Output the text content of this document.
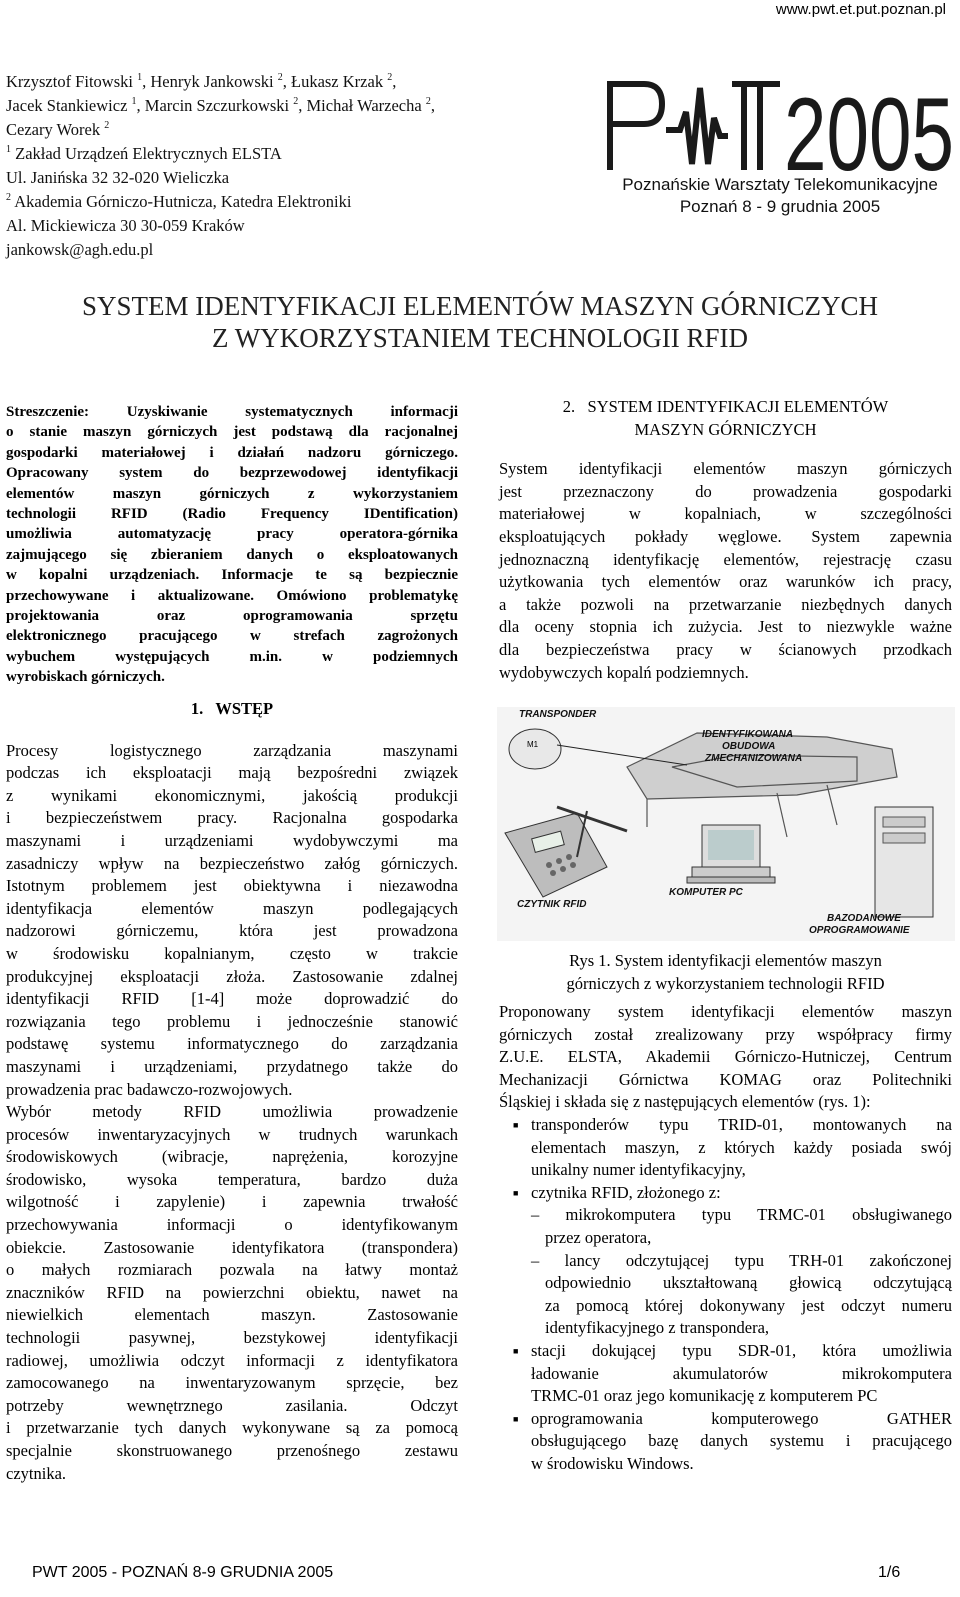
www.pwt.et.put.poznan.pl
Krzysztof Fitowski $^1$, Henryk Jankowski $^2$, Łukasz Krzak $^2$,
Jacek Stankiewicz $^1$, Marcin Szczurkowski $^2$, Michał Warzecha $^2$,
Cezary Worek $^2$
$^1$ Zakład Urządzeń Elektrycznych ELSTA
Ul. Janińska 32 32-020 Wieliczka
$^2$ Akademia Górniczo-Hutnicza, Katedra Elektroniki
Al. Mickiewicza 30 30-059 Kraków
jankowsk@agh.edu.pl
2005
Poznańskie Warsztaty Telekomunikacyjne
Poznań 8 - 9 grudnia 2005
SYSTEM IDENTYFIKACJI ELEMENTÓW MASZYN GÓRNICZYCH
Z WYKORZYSTANIEM TECHNOLOGII RFID
Streszczenie: Uzyskiwanie systematycznych informacji
o stanie maszyn górniczych jest podstawą dla racjonalnej
gospodarki materiałowej i działań nadzoru górniczego.
Opracowany system do bezprzewodowej identyfikacji
elementów maszyn górniczych z wykorzystaniem
technologii RFID (Radio Frequency IDentification)
umożliwia automatyzację pracy operatora-górnika
zajmującego się zbieraniem danych o eksploatowanych
w kopalni urządzeniach. Informacje te są bezpiecznie
przechowywane i aktualizowane. Omówiono problematykę
projektowania oraz oprogramowania sprzętu
elektronicznego pracującego w strefach zagrożonych
wybuchem występujących m.in. w podziemnych
wyrobiskach górniczych.
1.   WSTĘP
Procesy logistycznego zarządzania maszynami
podczas ich eksploatacji mają bezpośredni związek
z wynikami ekonomicznymi, jakością produkcji
i bezpieczeństwem pracy. Racjonalna gospodarka
maszynami i urządzeniami wydobywczymi ma
zasadniczy wpływ na bezpieczeństwo załóg górniczych.
Istotnym problemem jest obiektywna i niezawodna
identyfikacja elementów maszyn podlegających
nadzorowi górniczemu, która jest prowadzona
w środowisku kopalnianym, często w trakcie
produkcyjnej eksploatacji złoża. Zastosowanie zdalnej
identyfikacji RFID [1-4] może doprowadzić do
rozwiązania tego problemu i jednocześnie stanowić
podstawę systemu informatycznego do zarządzania
maszynami i urządzeniami, przydatnego także do
prowadzenia prac badawczo-rozwojowych.
Wybór metody RFID umożliwia prowadzenie
procesów inwentaryzacyjnych w trudnych warunkach
środowiskowych (wibracje, naprężenia, korozyjne
środowisko, wysoka temperatura, bardzo duża
wilgotność i zapylenie) i zapewnia trwałość
przechowywania informacji o identyfikowanym
obiekcie. Zastosowanie identyfikatora (transpondera)
o małych rozmiarach pozwala na łatwy montaż
znaczników RFID na powierzchni obiektu, nawet na
niewielkich elementach maszyn. Zastosowanie
technologii pasywnej, bezstykowej identyfikacji
radiowej, umożliwia odczyt informacji z identyfikatora
zamocowanego na inwentaryzowanym sprzęcie, bez
potrzeby wewnętrznego zasilania. Odczyt
i przetwarzanie tych danych wykonywane są za pomocą
specjalnie skonstruowanego przenośnego zestawu
czytnika.
2.   SYSTEM IDENTYFIKACJI ELEMENTÓW
MASZYN GÓRNICZYCH
System identyfikacji elementów maszyn górniczych
jest przeznaczony do prowadzenia gospodarki
materiałowej w kopalniach, w szczególności
eksploatujących pokłady węglowe. System zapewnia
jednoznaczną identyfikację elementów, rejestrację czasu
użytkowania tych elementów oraz warunków ich pracy,
a także pozwoli na przetwarzanie niezbędnych danych
dla oceny stopnia ich zużycia. Jest to niezwykle ważne
dla bezpieczeństwa pracy w ścianowych przodkach
wydobywczych kopalń podziemnych.
M1
TRANSPONDER
IDENTYFIKOWANA
OBUDOWA
ZMECHANIZOWANA
KOMPUTER PC
CZYTNIK RFID
BAZODANOWE
OPROGRAMOWANIE
Rys 1. System identyfikacji elementów maszyn
górniczych z wykorzystaniem technologii RFID
Proponowany system identyfikacji elementów maszyn
górniczych został zrealizowany przy współpracy firmy
Z.U.E. ELSTA, Akademii Górniczo-Hutniczej, Centrum
Mechanizacji Górnictwa KOMAG oraz Politechniki
Śląskiej i składa się z następujących elementów (rys. 1):
■ transponderów typu TRID-01, montowanych na
elementach maszyn, z których każdy posiada swój
unikalny numer identyfikacyjny,
■ czytnika RFID, złożonego z:
– mikrokomputera typu TRMC-01 obsługiwanego
przez operatora,
– lancy odczytującej typu TRH-01 zakończonej
odpowiednio ukształtowaną głowicą odczytującą
za pomocą której dokonywany jest odczyt numeru
identyfikacyjnego z transpondera,
■ stacji dokującej typu SDR-01, która umożliwia
ładowanie akumulatorów mikrokomputera
TRMC-01 oraz jego komunikację z komputerem PC
■ oprogramowania komputerowego GATHER
obsługującego bazę danych systemu i pracującego
w środowisku Windows.
PWT 2005 - POZNAŃ 8-9 GRUDNIA 2005	1/6
